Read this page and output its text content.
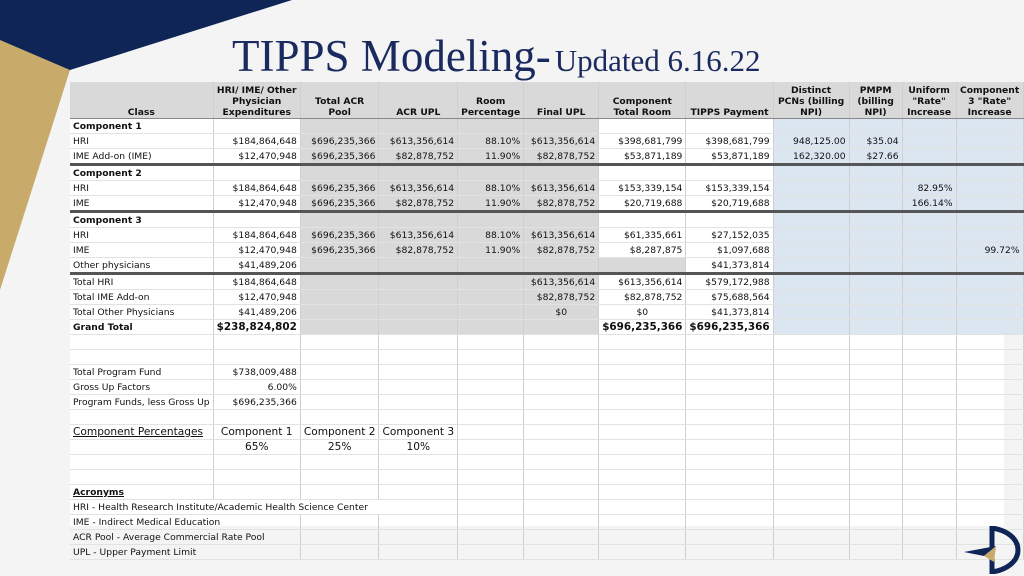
TIPPS Modeling- Updated 6.16.22
Class	HRI/ IME/ Other Physician Expenditures	Total ACR Pool	ACR UPL	Room Percentage	Final UPL	Component Total Room	TIPPS Payment	Distinct PCNs (billing NPI)	PMPM (billing NPI)	Uniform "Rate" Increase	Component 3 "Rate" Increase
Component 1											
HRI	$184,864,648	$696,235,366	$613,356,614	88.10%	$613,356,614	$398,681,799	$398,681,799	948,125.00	$35.04		
IME Add-on (IME)	$12,470,948	$696,235,366	$82,878,752	11.90%	$82,878,752	$53,871,189	$53,871,189	162,320.00	$27.66		
Component 2											
HRI	$184,864,648	$696,235,366	$613,356,614	88.10%	$613,356,614	$153,339,154	$153,339,154			82.95%	
IME	$12,470,948	$696,235,366	$82,878,752	11.90%	$82,878,752	$20,719,688	$20,719,688			166.14%	
Component 3											
HRI	$184,864,648	$696,235,366	$613,356,614	88.10%	$613,356,614	$61,335,661	$27,152,035				
IME	$12,470,948	$696,235,366	$82,878,752	11.90%	$82,878,752	$8,287,875	$1,097,688				99.72%
Other physicians	$41,489,206						$41,373,814				
Total HRI	$184,864,648				$613,356,614	$613,356,614	$579,172,988				
Total IME Add-on	$12,470,948				$82,878,752	$82,878,752	$75,688,564				
Total Other Physicians	$41,489,206				$0	$0	$41,373,814				
Grand Total	$238,824,802					$696,235,366	$696,235,366				

Total Program Fund	$738,009,488										
Gross Up Factors	6.00%										
Program Funds, less Gross Up	$696,235,366										

Component Percentages	Component 1	Component 2	Component 3								
	65%	25%	10%								

Acronyms											
HRI - Health Research Institute/Academic Health Science Center											
IME - Indirect Medical Education											
ACR Pool - Average Commercial Rate Pool											
UPL - Upper Payment Limit											
